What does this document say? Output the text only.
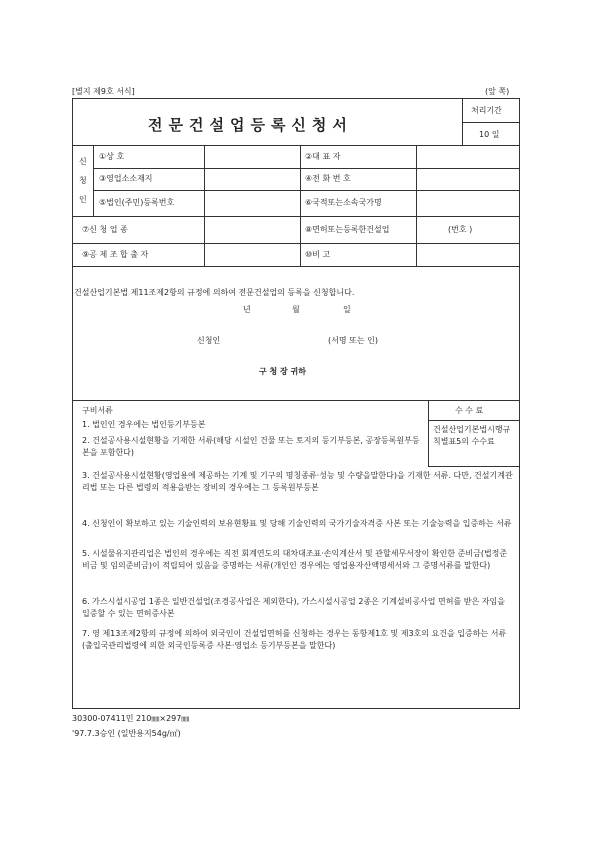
[별지 제9호 서식]	(앞 쪽)
전문건설업등록신청서
처리기간
10 일
신
청
인
①상 호	②대 표 자
③영업소소재지	④전 화 번 호
⑤법인(주민)등록번호	⑥국적또는소속국가명
⑦신 청 업 종	⑧면허또는등록한건설업	(번호 )
⑨공 제 조 합 출 자	⑩비 고
건설산업기본법 제11조제2항의 규정에 의하여 전문건설업의 등록을 신청합니다.
년	월	일
신청인	(서명 또는 인)
구 청 장 귀하
구비서류	수 수 료
건설산업기본법시행규칙별표5의 수수료
1. 법인인 경우에는 법인등기부등본
2. 건설공사용시설현황을 기재한 서류(해당 시설인 건물 또는 토지의 등기부등본, 공장등록원부등본을 포함한다)
3. 건설공사용시설현황(영업용에 제공하는 기계 및 기구의 명칭종류·성능 및 수량을말한다)을 기재한 서류. 다만, 건설기계관리법 또는 다른 법령의 적용을받는 장비의 경우에는 그 등록원부등본
4. 신청인이 확보하고 있는 기술인력의 보유현황표 및 당해 기술인력의 국가기술자격증 사본 또는 기술능력을 입증하는 서류
5. 시설물유지관리업은 법인의 경우에는 직전 회계연도의 대차대조표·손익계산서 및 관할세무서장이 확인한 준비금(법정준비금 및 임의준비금)이 적립되어 있음을 증명하는 서류(개인인 경우에는 영업용자산액명세서와 그 증명서류를 말한다)
6. 가스시설시공업 1종은 일반건설업(조경공사업은 제외한다), 가스시설시공업 2종은 기계설비공사업 면허를 받은 자임을 입증할 수 있는 면허증사본
7. 영 제13조제2항의 규정에 의하여 외국인이 건설업면허를 신청하는 경우는 동항제1호 및 제3호의 요건을 입증하는 서류(출입국관리법령에 의한 외국인등록증 사본·영업소 등기부등본을 말한다)
30300-07411민 210㎜×297㎜
'97.7.3승인 (일반용지54g/㎡)
